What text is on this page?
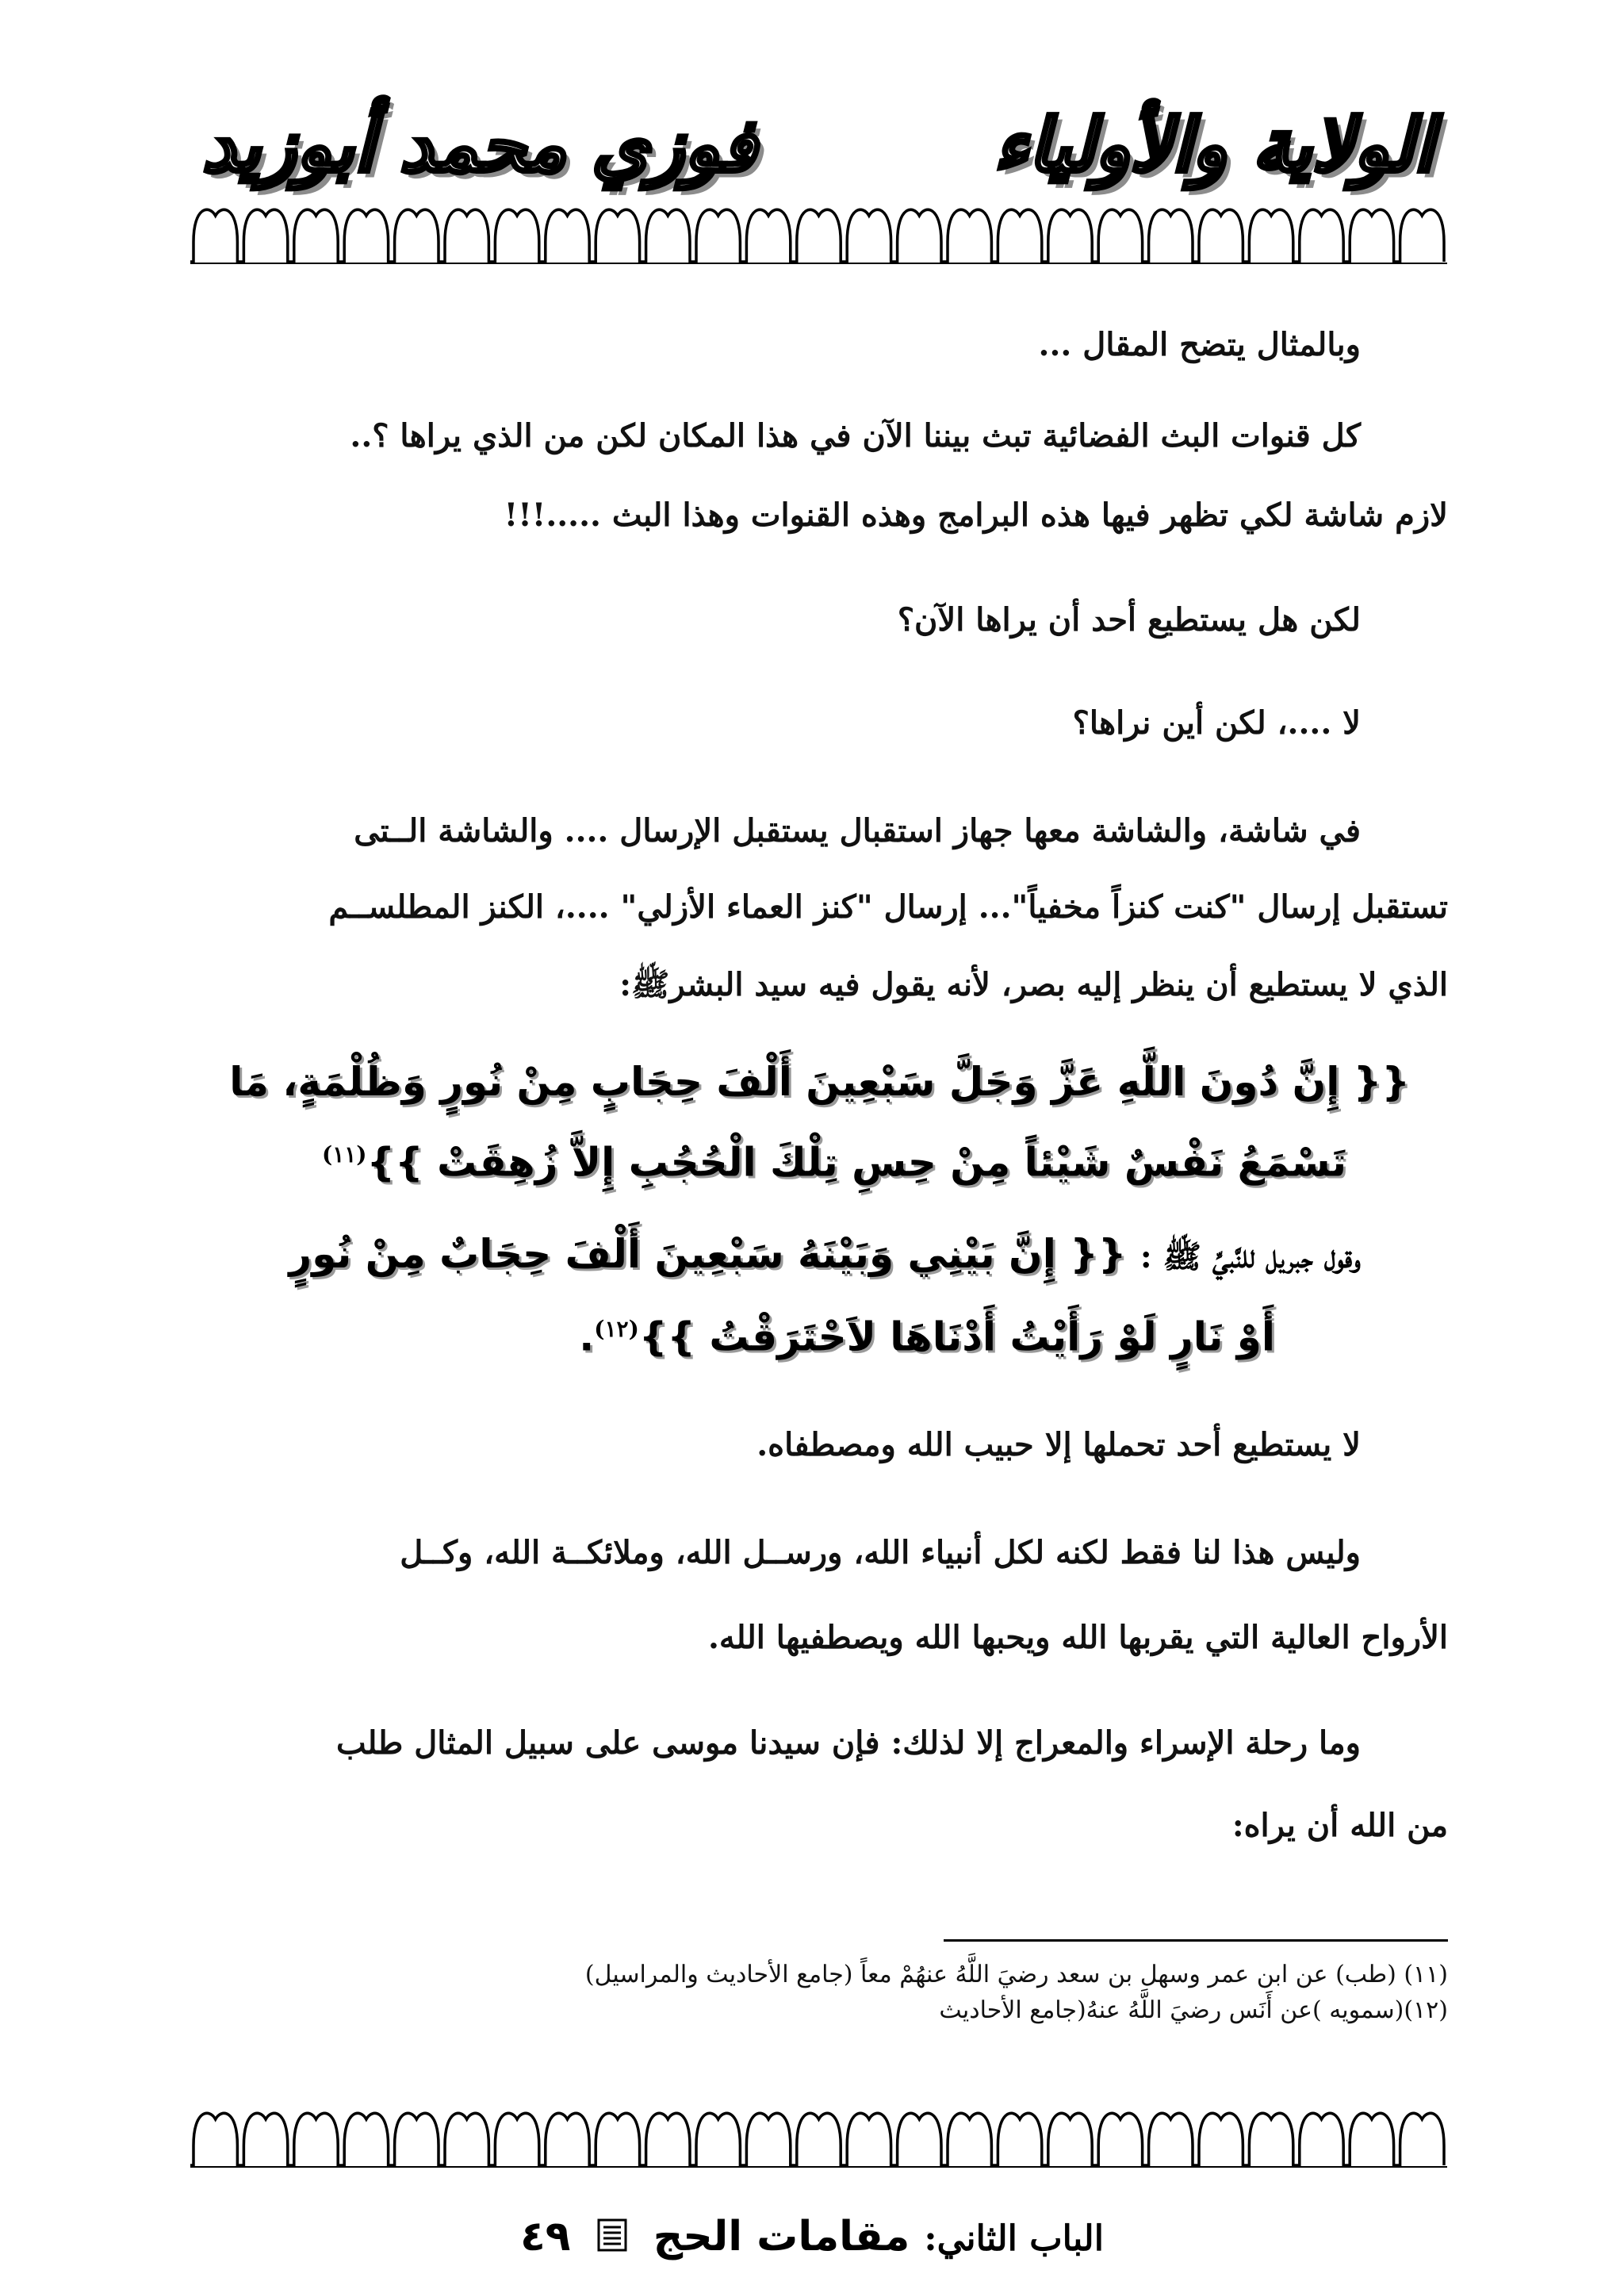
الولاية والأولياء
فوزي محمد أبوزيد
وبالمثال يتضح المقال ...
كل قنوات البث الفضائية تبث بيننا الآن في هذا المكان لكن من الذي يراها ؟..
لازم شاشة لكي تظهر فيها هذه البرامج وهذه القنوات وهذا البث .....!!!
لكن هل يستطيع أحد أن يراها الآن؟
لا ....، لكن أين نراها؟
في شاشة، والشاشة معها جهاز استقبال يستقبل الإرسال .... والشاشة الــتى
تستقبل إرسال "كنت كنزاً مخفياً"... إرسال "كنز العماء الأزلي" ....، الكنز المطلســم
الذي لا يستطيع أن ينظر إليه بصر، لأنه يقول فيه سيد البشرﷺ:
{{ إِنَّ دُونَ اللَّهِ عَزَّ وَجَلَّ سَبْعِينَ أَلْفَ حِجَابٍ مِنْ نُورٍ وَظُلْمَةٍ، مَا
تَسْمَعُ نَفْسٌ شَيْئاً مِنْ حِسِ تِلْكَ الْحُجُبِ إِلاَّ زُهِقَتْ }}$^{(١١)}$
وقول جبريل للنَّبيِّ ﷺ : {{ إِنَّ بَيْنِي وَبَيْنَهُ سَبْعِينَ أَلْفَ حِجَابٌ مِنْ نُورٍ
أَوْ نَارٍ لَوْ رَأَيْتُ أَدْنَاهَا لاَحْتَرَقْتُ }}$^{(١٢)}$.
لا يستطيع أحد تحملها إلا حبيب الله ومصطفاه.
وليس هذا لنا فقط لكنه لكل أنبياء الله، ورســل الله، وملائكــة الله، وكــل
الأرواح العالية التي يقربها الله ويحبها الله ويصطفيها الله.
وما رحلة الإسراء والمعراج إلا لذلك: فإن سيدنا موسى على سبيل المثال طلب
من الله أن يراه:
(١١) (طب) عن ابن عمر وسهل بن سعد رضيَ اللَّهُ عنهُمْ معاً (جامع الأحاديث والمراسيل)
(١٢)(سمويه )عن أَنَس رضيَ اللَّهُ عنهُ(جامع الأحاديث
الباب الثاني: مقامات الحج  ٤٩
